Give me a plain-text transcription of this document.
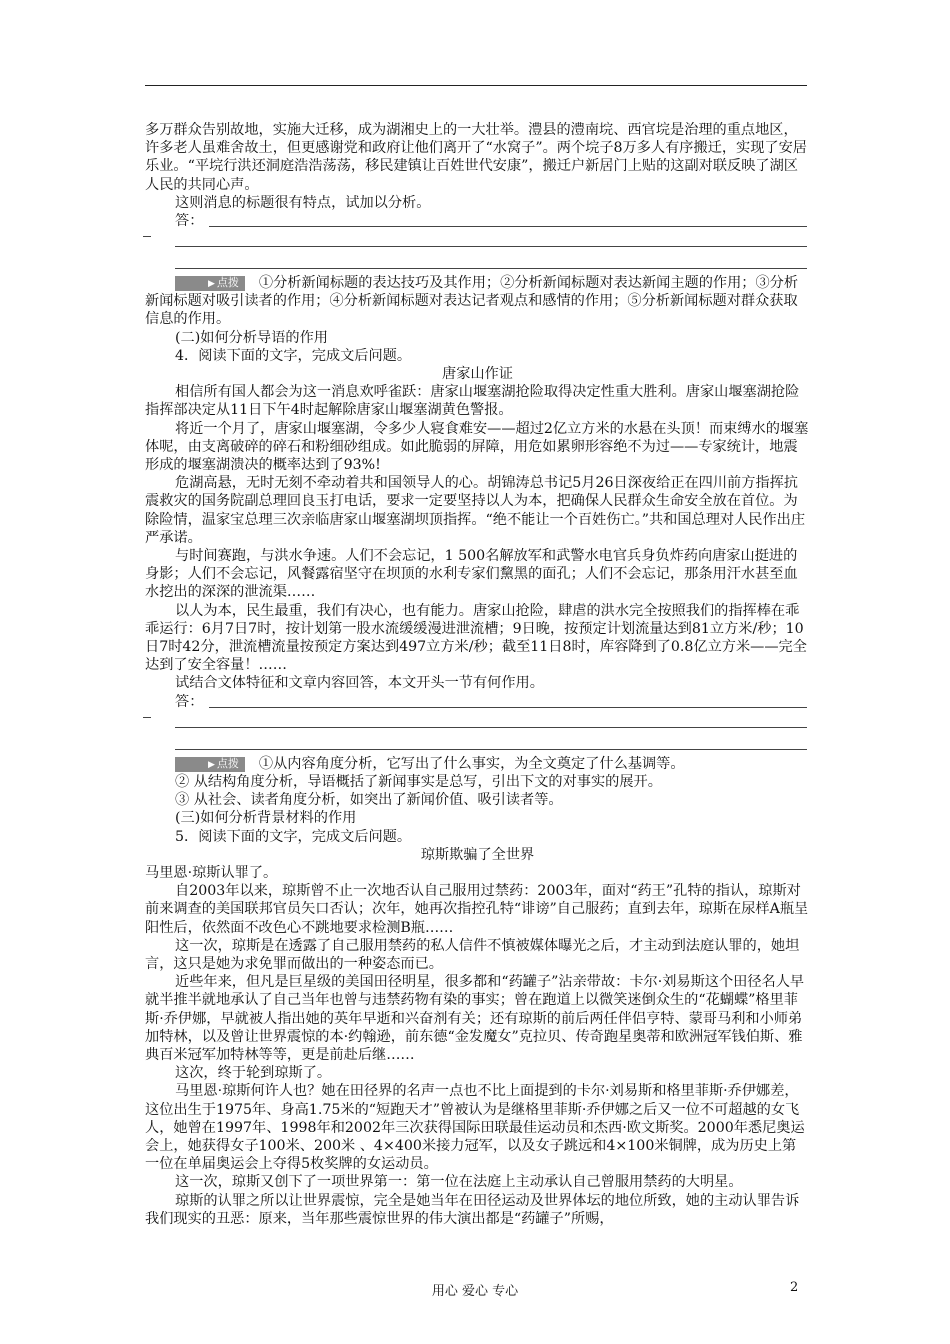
多万群众告别故地，实施大迁移，成为湖湘史上的一大壮举。澧县的澧南垸、西官垸是治理的重点地区，许多老人虽难舍故土，但更感谢党和政府让他们离开了“水窝子”。两个垸子8万多人有序搬迁，实现了安居乐业。“平垸行洪还洞庭浩浩荡荡，移民建镇让百姓世代安康”，搬迁户新居门上贴的这副对联反映了湖区人民的共同心声。

这则消息的标题很有特点，试加以分析。

答：

▶ 点拨 ①分析新闻标题的表达技巧及其作用；②分析新闻标题对表达新闻主题的作用；③分析新闻标题对吸引读者的作用；④分析新闻标题对表达记者观点和感情的作用；⑤分析新闻标题对群众获取信息的作用。

(二)如何分析导语的作用

4．阅读下面的文字，完成文后问题。

唐家山作证

相信所有国人都会为这一消息欢呼雀跃：唐家山堰塞湖抢险取得决定性重大胜利。唐家山堰塞湖抢险指挥部决定从11日下午4时起解除唐家山堰塞湖黄色警报。

将近一个月了，唐家山堰塞湖，令多少人寝食难安——超过2亿立方米的水悬在头顶！而束缚水的堰塞体呢，由支离破碎的碎石和粉细砂组成。如此脆弱的屏障，用危如累卵形容绝不为过——专家统计，地震形成的堰塞湖溃决的概率达到了93%!

危湖高悬，无时无刻不牵动着共和国领导人的心。胡锦涛总书记5月26日深夜给正在四川前方指挥抗震救灾的国务院副总理回良玉打电话，要求一定要坚持以人为本，把确保人民群众生命安全放在首位。为除险情，温家宝总理三次亲临唐家山堰塞湖坝顶指挥。“绝不能让一个百姓伤亡。”共和国总理对人民作出庄严承诺。

与时间赛跑，与洪水争速。人们不会忘记，1 500名解放军和武警水电官兵身负炸药向唐家山挺进的身影；人们不会忘记，风餐露宿坚守在坝顶的水利专家们黧黑的面孔；人们不会忘记，那条用汗水甚至血水挖出的深深的泄流渠……

以人为本，民生最重，我们有决心，也有能力。唐家山抢险，肆虐的洪水完全按照我们的指挥棒在乖乖运行：6月7日7时，按计划第一股水流缓缓漫进泄流槽；9日晚，按预定计划流量达到81立方米/秒；10日7时42分，泄流槽流量按预定方案达到497立方米/秒；截至11日8时，库容降到了0.8亿立方米——完全达到了安全容量！……

试结合文体特征和文章内容回答，本文开头一节有何作用。

答：

▶ 点拨 ①从内容角度分析，它写出了什么事实，为全文奠定了什么基调等。

② 从结构角度分析，导语概括了新闻事实是总写，引出下文的对事实的展开。

③ 从社会、读者角度分析，如突出了新闻价值、吸引读者等。

(三)如何分析背景材料的作用

5．阅读下面的文字，完成文后问题。

琼斯欺骗了全世界

马里恩·琼斯认罪了。

自2003年以来，琼斯曾不止一次地否认自己服用过禁药：2003年，面对“药王”孔特的指认，琼斯对前来调查的美国联邦官员矢口否认；次年，她再次指控孔特“诽谤”自己服药；直到去年，琼斯在尿样A瓶呈阳性后，依然面不改色心不跳地要求检测B瓶……

这一次，琼斯是在透露了自己服用禁药的私人信件不慎被媒体曝光之后，才主动到法庭认罪的，她坦言，这只是她为求免罪而做出的一种姿态而已。

近些年来，但凡是巨星级的美国田径明星，很多都和“药罐子”沾亲带故：卡尔·刘易斯这个田径名人早就半推半就地承认了自己当年也曾与违禁药物有染的事实；曾在跑道上以微笑迷倒众生的“花蝴蝶”格里菲斯·乔伊娜，早就被人指出她的英年早逝和兴奋剂有关；还有琼斯的前后两任伴侣亨特、蒙哥马利和小师弟加特林，以及曾让世界震惊的本·约翰逊，前东德“金发魔女”克拉贝、传奇跑星奥蒂和欧洲冠军钱伯斯、雅典百米冠军加特林等等，更是前赴后继……

这次，终于轮到琼斯了。

马里恩·琼斯何许人也？她在田径界的名声一点也不比上面提到的卡尔·刘易斯和格里菲斯·乔伊娜差，这位出生于1975年、身高1.75米的“短跑天才”曾被认为是继格里菲斯·乔伊娜之后又一位不可超越的女飞人，她曾在1997年、1998年和2002年三次获得国际田联最佳运动员和杰西·欧文斯奖。2000年悉尼奥运会上，她获得女子100米、200米 、4×400米接力冠军，以及女子跳远和4×100米铜牌，成为历史上第一位在单届奥运会上夺得5枚奖牌的女运动员。

这一次，琼斯又创下了一项世界第一：第一位在法庭上主动承认自己曾服用禁药的大明星。

琼斯的认罪之所以让世界震惊，完全是她当年在田径运动及世界体坛的地位所致，她的主动认罪告诉我们现实的丑恶：原来，当年那些震惊世界的伟大演出都是“药罐子”所赐，

用心 爱心 专心	2
